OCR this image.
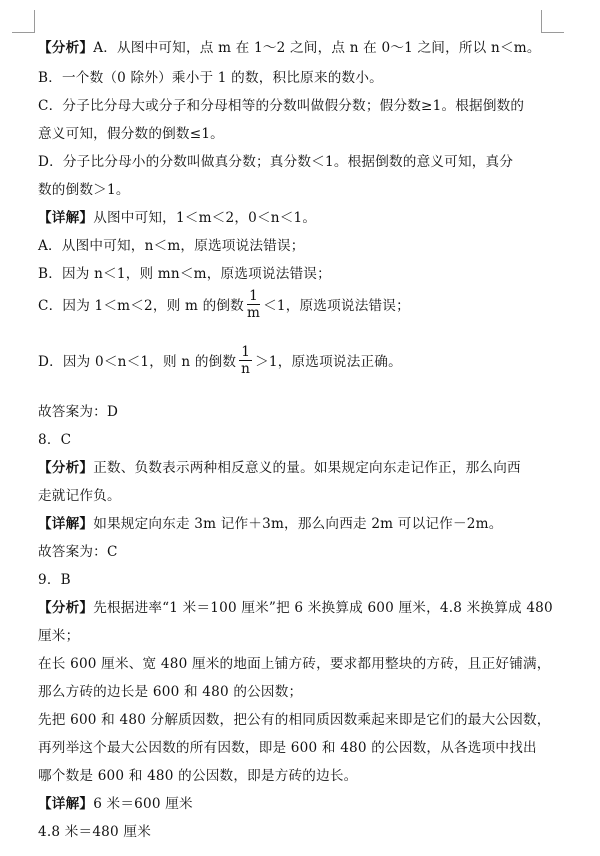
【分析】A．从图中可知，点 m 在 1～2 之间，点 n 在 0～1 之间，所以 n＜m。
B．一个数（0 除外）乘小于 1 的数，积比原来的数小。
C．分子比分母大或分子和分母相等的分数叫做假分数；假分数≥1。根据倒数的
意义可知，假分数的倒数≤1。
D．分子比分母小的分数叫做真分数；真分数＜1。根据倒数的意义可知，真分
数的倒数＞1。
【详解】从图中可知，1＜m＜2，0＜n＜1。
A．从图中可知，n＜m，原选项说法错误；
B．因为 n＜1，则 mn＜m，原选项说法错误；
C．因为 1＜m＜2，则 m 的倒数 $\frac{1}{m} <1$，原选项说法错误；
D．因为 0＜n＜1，则 n 的倒数 $\frac{1}{n} >1$，原选项说法正确。
故答案为：D
8．C
【分析】正数、负数表示两种相反意义的量。如果规定向东走记作正，那么向西
走就记作负。
【详解】如果规定向东走 3m 记作＋3m，那么向西走 2m 可以记作－2m。
故答案为：C
9．B
【分析】先根据进率“1 米＝100 厘米”把 6 米换算成 600 厘米，4.8 米换算成 480
厘米；
在长 600 厘米、宽 480 厘米的地面上铺方砖，要求都用整块的方砖，且正好铺满，
那么方砖的边长是 600 和 480 的公因数；
先把 600 和 480 分解质因数，把公有的相同质因数乘起来即是它们的最大公因数，
再列举这个最大公因数的所有因数，即是 600 和 480 的公因数，从各选项中找出
哪个数是 600 和 480 的公因数，即是方砖的边长。
【详解】6 米＝600 厘米
4.8 米＝480 厘米
